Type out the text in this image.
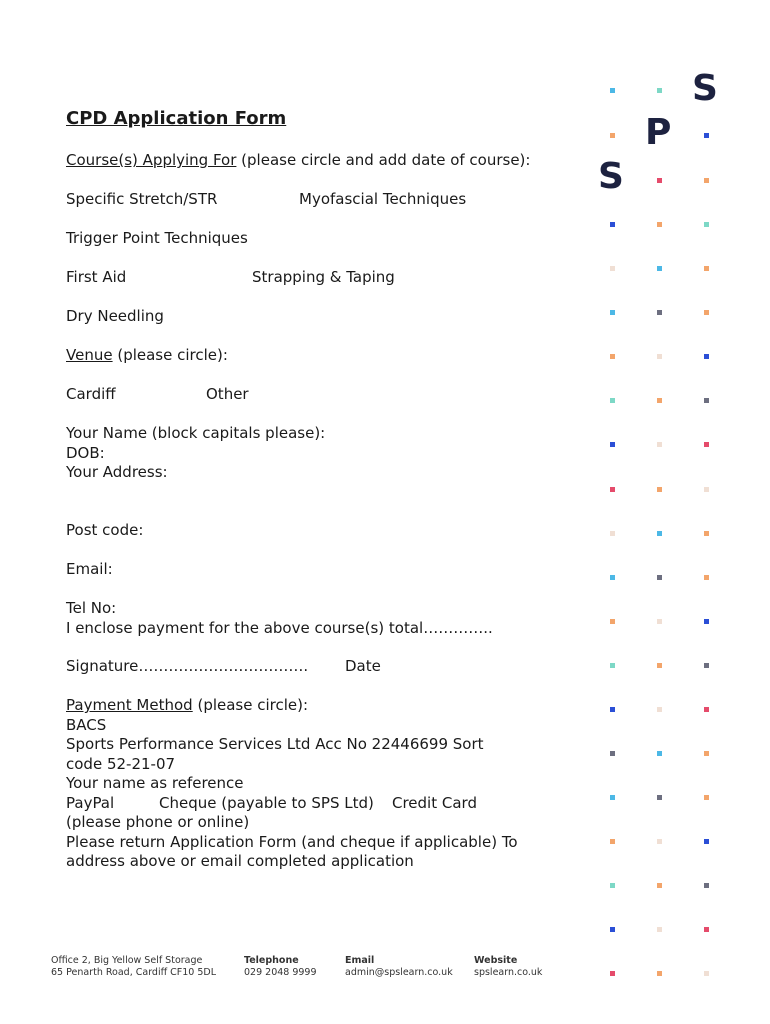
CPD Application Form
Course(s) Applying For (please circle and add date of course):
Specific Stretch/STR	Myofascial Techniques
Trigger Point Techniques
First Aid	Strapping & Taping
Dry Needling
Venue (please circle):
Cardiff	Other
Your Name (block capitals please):
DOB:
Your Address:
Post code:
Email:
Tel No:
I enclose payment for the above course(s) total…………..
Signature……………………………. Date
Payment Method (please circle):
BACS
Sports Performance Services Ltd Acc No 22446699 Sort
code 52-21-07
Your name as reference
PayPal	Cheque (payable to SPS Ltd) Credit Card
(please phone or online)
Please return Application Form (and cheque if applicable) To
address above or email completed application
Office 2, Big Yellow Self Storage
65 Penarth Road, Cardiff CF10 5DL
Telephone
029 2048 9999
Email
admin@spslearn.co.uk
Website
spslearn.co.uk
S
P
S
